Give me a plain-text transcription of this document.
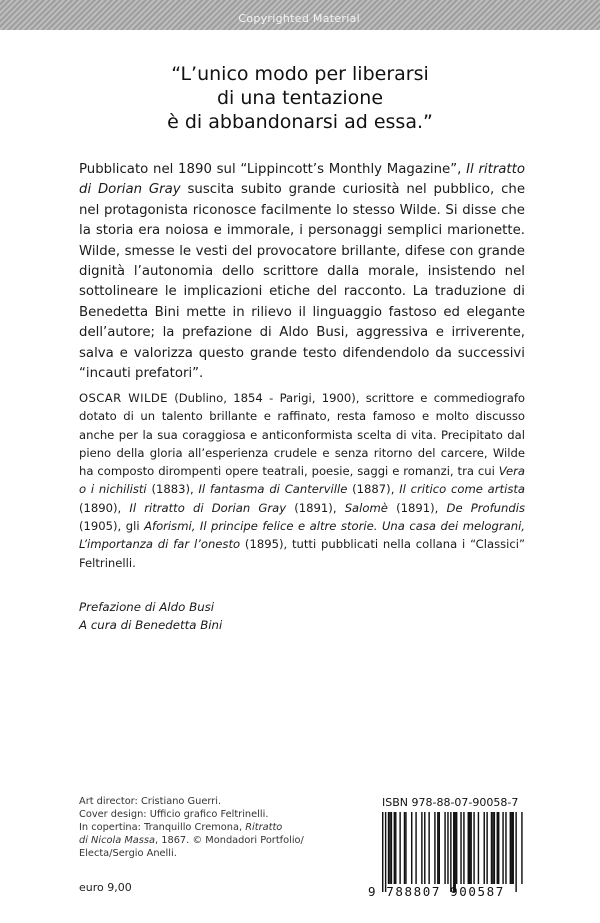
Copyrighted Material
“L’unico modo per liberarsi
di una tentazione
è di abbandonarsi ad essa.”

Pubblicato nel 1890 sul “Lippincott’s Monthly Magazine”, Il ritratto di Dorian Gray suscita subito grande curiosità nel pubblico, che nel protagonista riconosce facilmente lo stesso Wilde. Si disse che la storia era noiosa e immorale, i personaggi semplici marionette. Wilde, smesse le vesti del provocatore brillante, difese con grande dignità l’autonomia dello scrittore dalla morale, insistendo nel sottolineare le implicazioni etiche del racconto. La traduzione di Benedetta Bini mette in rilievo il linguaggio fastoso ed elegante dell’autore; la prefazione di Aldo Busi, aggressiva e irriverente, salva e valorizza questo grande testo difendendolo da successivi “incauti prefatori”.

OSCAR WILDE (Dublino, 1854 - Parigi, 1900), scrittore e commediografo dotato di un talento brillante e raffinato, resta famoso e molto discusso anche per la sua coraggiosa e anticonformista scelta di vita. Precipitato dal pieno della gloria all’esperienza crudele e senza ritorno del carcere, Wilde ha composto dirompenti opere teatrali, poesie, saggi e romanzi, tra cui Vera o i nichilisti (1883), Il fantasma di Canterville (1887), Il critico come artista (1890), Il ritratto di Dorian Gray (1891), Salomè (1891), De Profundis (1905), gli Aforismi, Il principe felice e altre storie. Una casa dei melograni, L’importanza di far l’onesto (1895), tutti pubblicati nella collana i “Classici” Feltrinelli.

Prefazione di Aldo Busi
A cura di Benedetta Bini
Art director: Cristiano Guerri.
Cover design: Ufficio grafico Feltrinelli.
In copertina: Tranquillo Cremona, Ritratto
di Nicola Massa, 1867. © Mondadori Portfolio/
Electa/Sergio Anelli.
euro 9,00
ISBN 978-88-07-90058-7
9 788807 900587
